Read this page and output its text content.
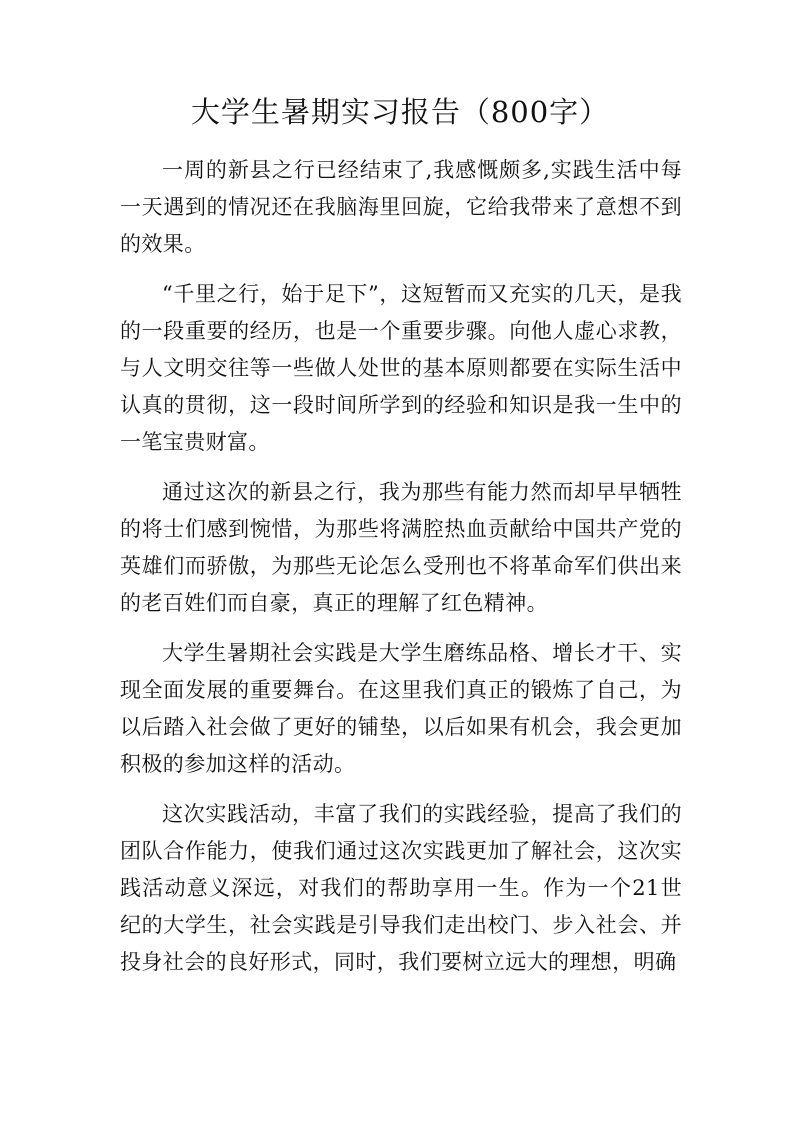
大学生暑期实习报告（800字）

一周的新县之行已经结束了,我感慨颇多,实践生活中每一天遇到的情况还在我脑海里回旋，它给我带来了意想不到的效果。

“千里之行，始于足下”，这短暂而又充实的几天，是我的一段重要的经历，也是一个重要步骤。向他人虚心求教，与人文明交往等一些做人处世的基本原则都要在实际生活中认真的贯彻，这一段时间所学到的经验和知识是我一生中的一笔宝贵财富。

通过这次的新县之行，我为那些有能力然而却早早牺牲的将士们感到惋惜，为那些将满腔热血贡献给中国共产党的英雄们而骄傲，为那些无论怎么受刑也不将革命军们供出来的老百姓们而自豪，真正的理解了红色精神。

大学生暑期社会实践是大学生磨练品格、增长才干、实现全面发展的重要舞台。在这里我们真正的锻炼了自己，为以后踏入社会做了更好的铺垫，以后如果有机会，我会更加积极的参加这样的活动。

这次实践活动，丰富了我们的实践经验，提高了我们的团队合作能力，使我们通过这次实践更加了解社会，这次实践活动意义深远，对我们的帮助享用一生。作为一个21世纪的大学生，社会实践是引导我们走出校门、步入社会、并投身社会的良好形式，同时，我们要树立远大的理想，明确
